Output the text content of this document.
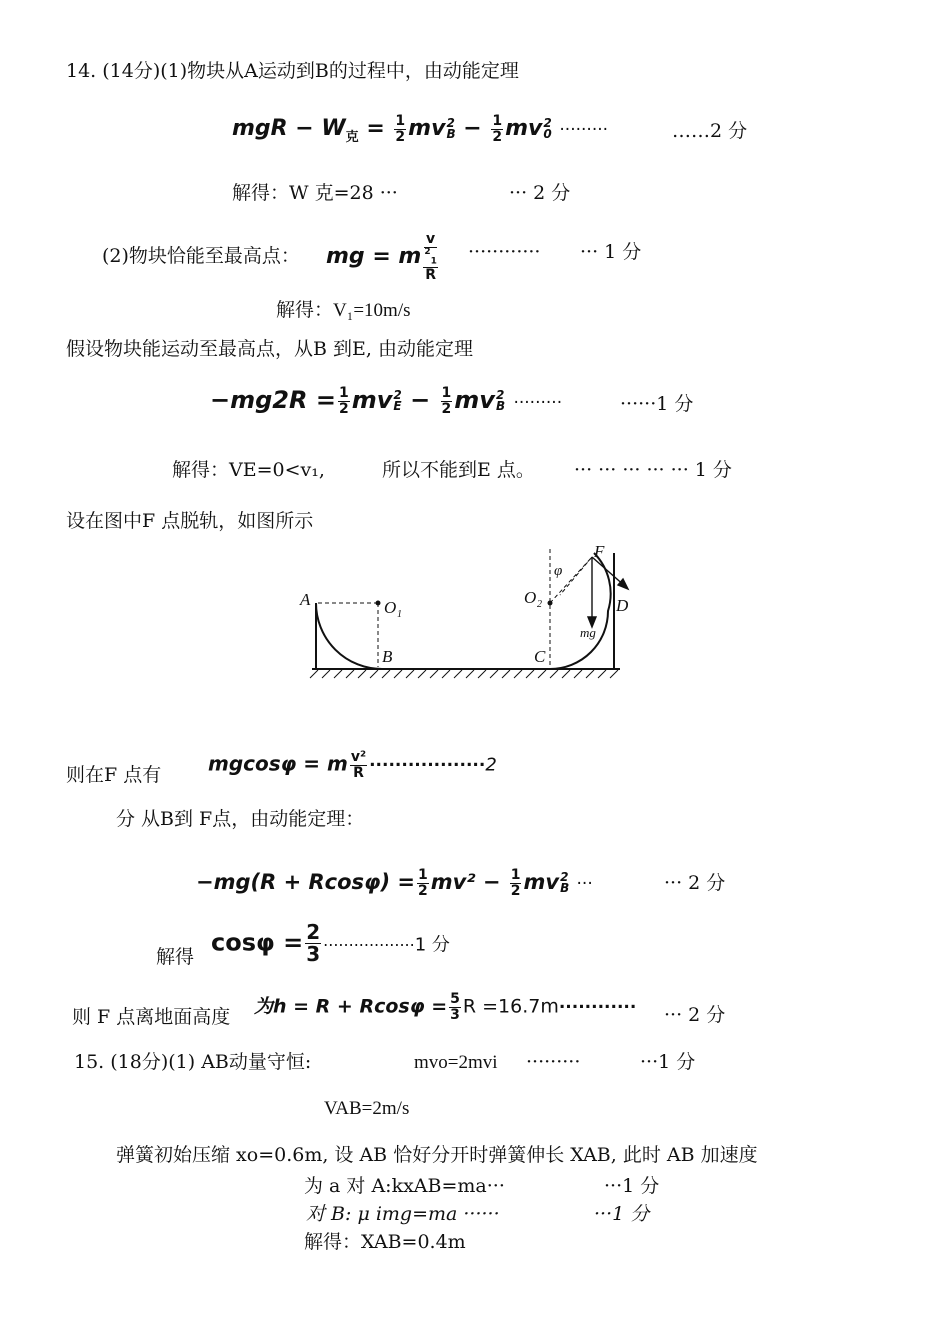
14. (14分)(1)物块从A运动到B的过程中，由动能定理
mgR − $W_克 = \frac{1}{2}$ mv 2
$B - \frac{1}{2}$ mv 2
0 ·········	……2 分
解得：W 克=28 ···	··· 2 分
(2)物块恰能至最高点： mg = m v
$^2_1$
R ············ ··· 1 分
解得：V₁=10m/s
假设物块能运动至最高点，从B 到E, 由动能定理
$-mg2R = \frac{1}{2}$ mv 2
$E - \frac{1}{2}$ mv 2
B ·········	······1 分
解得：VE=0<v₁,	所以不能到E 点。 ··· ··· ··· ··· ··· 1 分
设在图中F 点脱轨，如图所示
A	O 1
B
O 2
C
D
F
φ
mg
则在F 点有 mgcosφ = m $\frac{\text{v²}}{R} \cdot\cdot\cdot\cdot\cdot\cdot\cdot\cdot\cdot\cdot\cdot\cdot\cdot\cdot\cdot\cdot\cdot\cdot 2$
分 从B到 F点，由动能定理：
$-mg(R + Rcos\varphi) = \frac{1}{2} mv^2 - \frac{1}{2}$ mv 2
B ···	··· 2 分
解得
$\cos\varphi = \frac{2}{3} \cdot\cdot\cdot\cdot\cdot\cdot\cdot\cdot\cdot\cdot\cdot\cdot\cdot\cdot\cdot\cdot\cdot\cdot 1$ 分
则 F 点离地面高度 为$h = R + Rcos\varphi = \frac{5}{3}$ R =16.7m············ ··· 2 分
15. (18分)(1) AB动量守恒:	mvo=2mvi ·········	···1 分
VAB=2m/s
弹簧初始压缩 xo=0.6m, 设 AB 恰好分开时弹簧伸长 XAB, 此时 AB 加速度
为 a 对 A:kxAB=ma···	···1 分
对 B: μ img=ma ······	···1 分
解得：XAB=0.4m
